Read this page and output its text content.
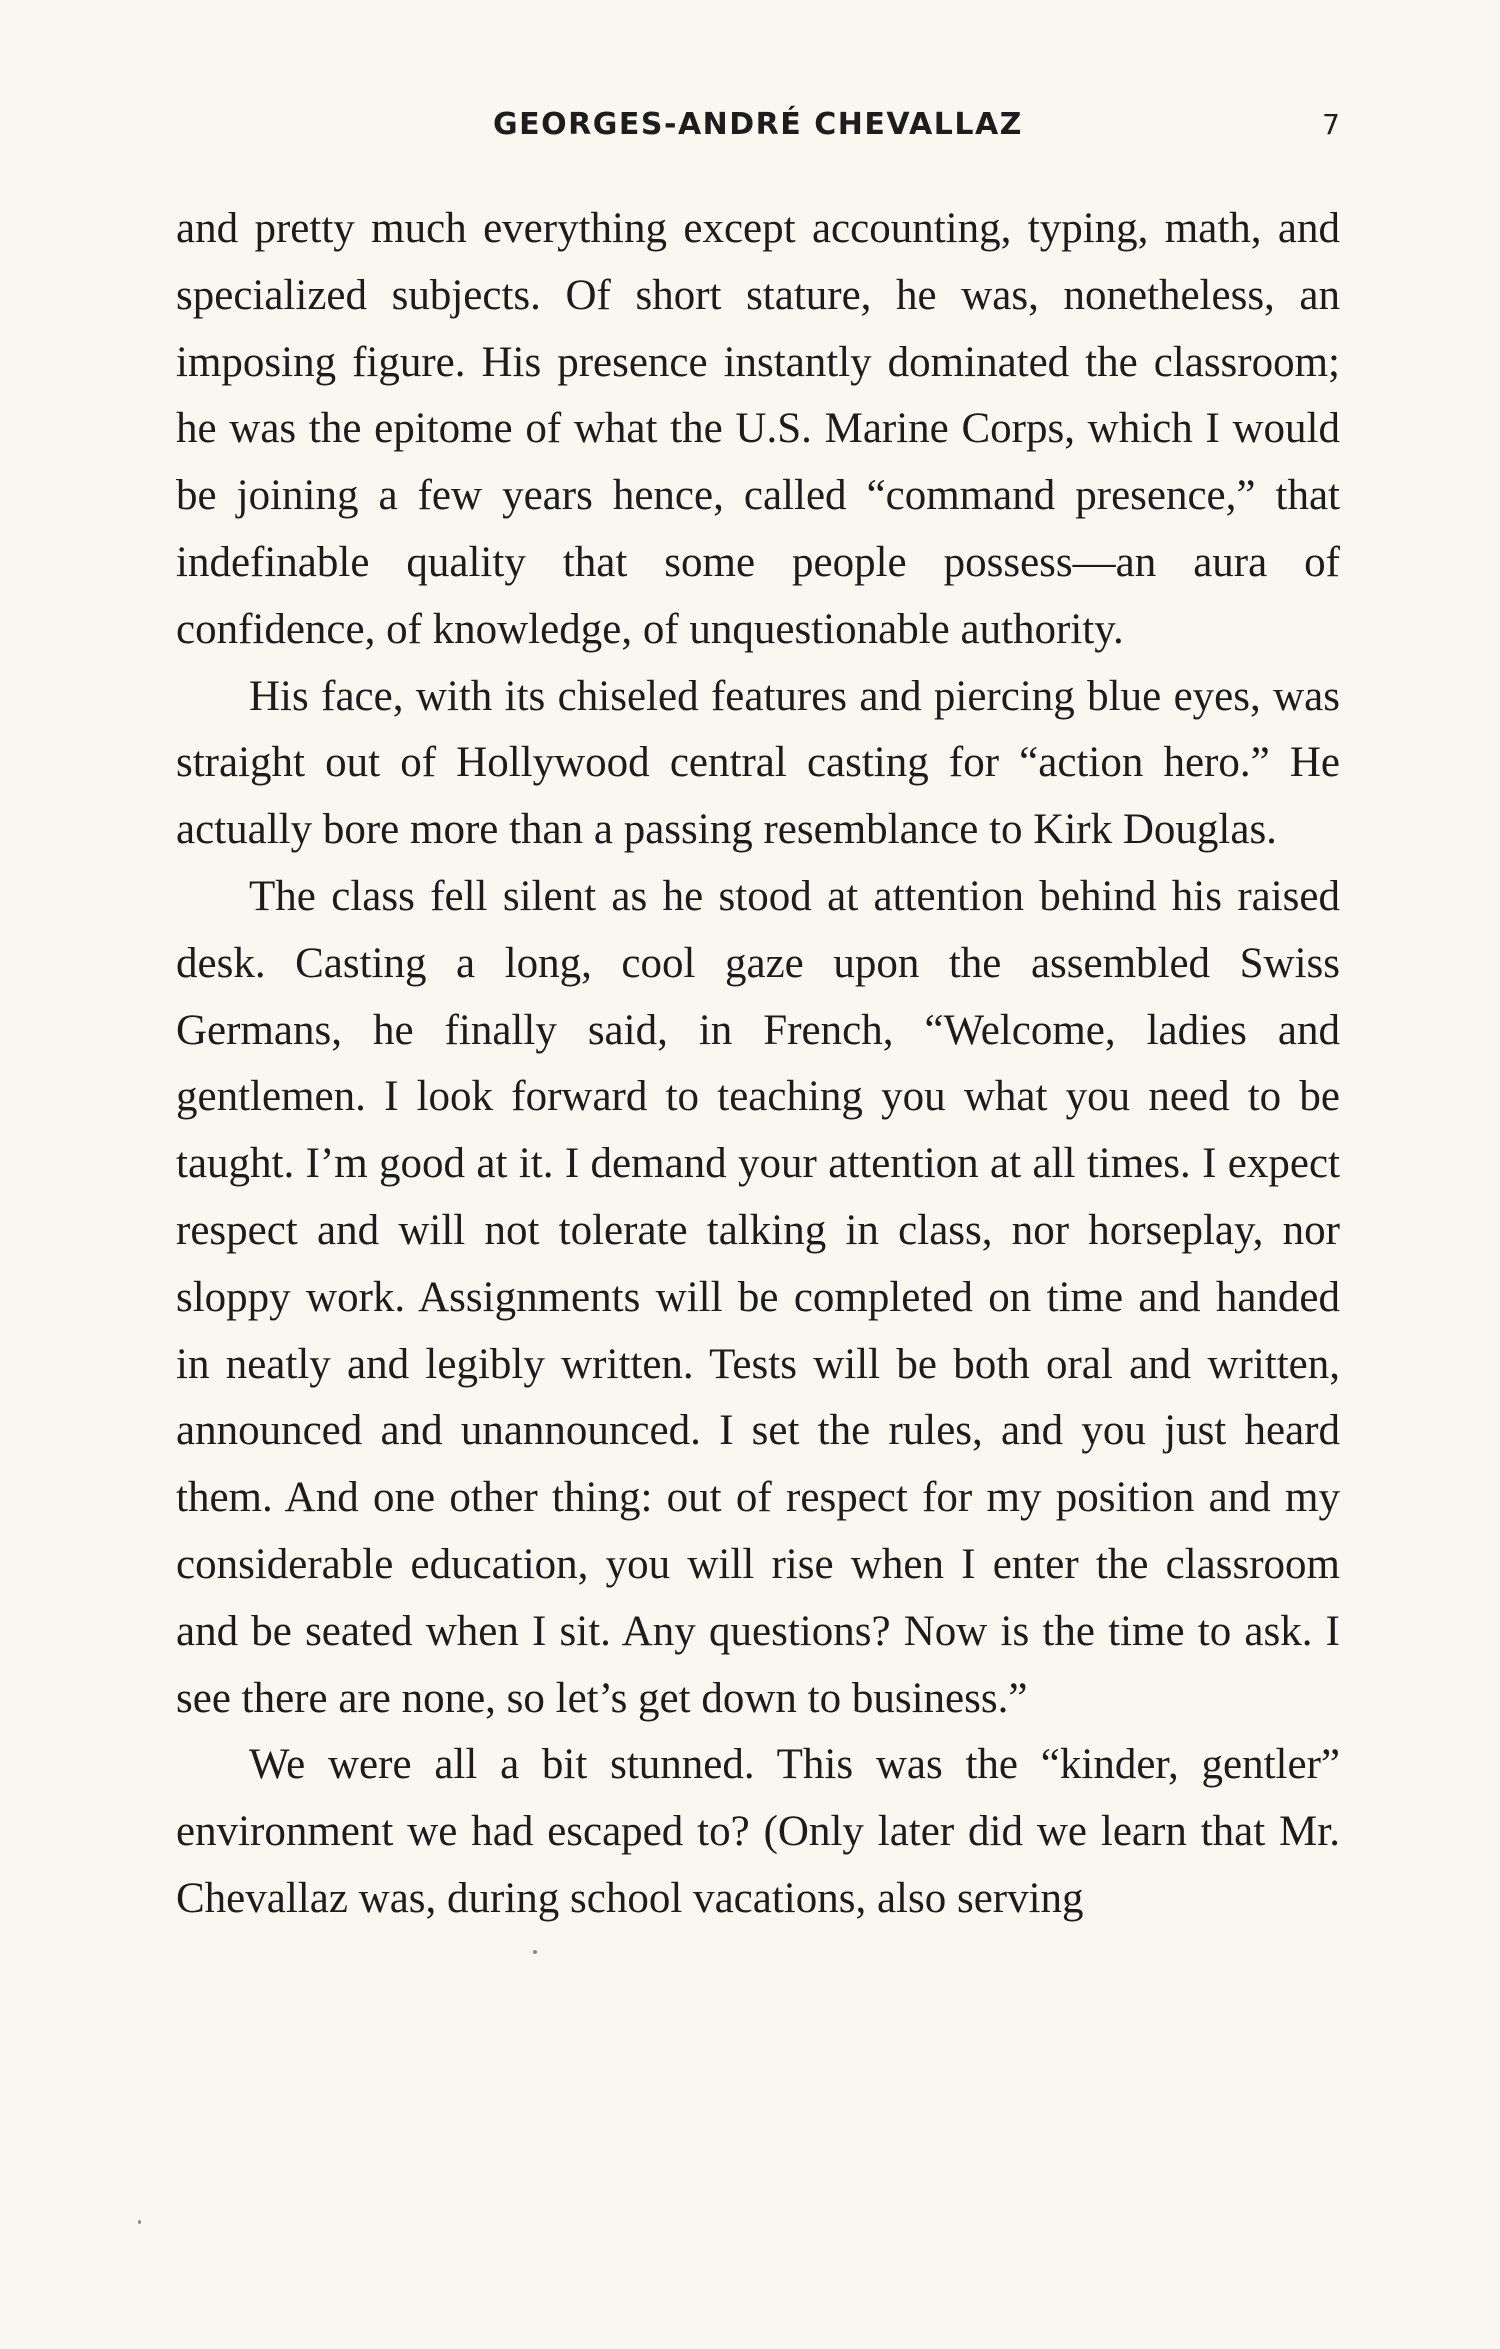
GEORGES-ANDRÉ CHEVALLAZ	7

and pretty much everything except accounting, typing, math, and specialized subjects. Of short stature, he was, nonetheless, an imposing figure. His presence instantly dominated the classroom; he was the epitome of what the U.S. Marine Corps, which I would be joining a few years hence, called “command presence,” that indefinable quality that some people possess—an aura of confidence, of knowledge, of unquestionable authority.

His face, with its chiseled features and piercing blue eyes, was straight out of Hollywood central casting for “action hero.” He actually bore more than a passing resemblance to Kirk Douglas.

The class fell silent as he stood at attention behind his raised desk. Casting a long, cool gaze upon the assembled Swiss Germans, he finally said, in French, “Welcome, ladies and gentlemen. I look forward to teaching you what you need to be taught. I’m good at it. I demand your attention at all times. I expect respect and will not tolerate talking in class, nor horseplay, nor sloppy work. Assignments will be completed on time and handed in neatly and legibly written. Tests will be both oral and written, announced and unannounced. I set the rules, and you just heard them. And one other thing: out of respect for my position and my considerable education, you will rise when I enter the classroom and be seated when I sit. Any questions? Now is the time to ask. I see there are none, so let’s get down to business.”

We were all a bit stunned. This was the “kinder, gentler” environment we had escaped to? (Only later did we learn that Mr. Chevallaz was, during school vacations, also serving
